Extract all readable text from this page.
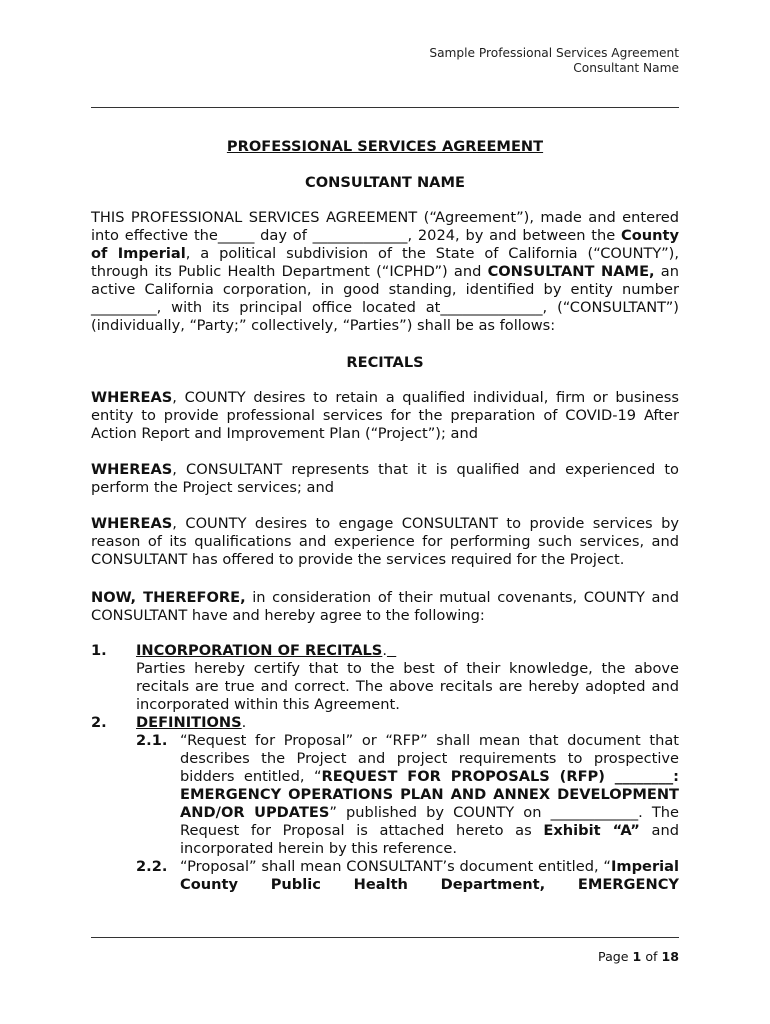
Sample Professional Services Agreement
Consultant Name
PROFESSIONAL SERVICES AGREEMENT
CONSULTANT NAME

THIS PROFESSIONAL SERVICES AGREEMENT (“Agreement”), made and entered into effective the_____ day of _____________, 2024, by and between the County of Imperial, a political subdivision of the State of California (“COUNTY”), through its Public Health Department (“ICPHD”) and CONSULTANT NAME, an active California corporation, in good standing, identified by entity number _________, with its principal office located at______________, (“CONSULTANT”) (individually, “Party;” collectively, “Parties”) shall be as follows:

RECITALS

WHEREAS, COUNTY desires to retain a qualified individual, firm or business entity to provide professional services for the preparation of COVID-19 After Action Report and Improvement Plan (“Project”); and

WHEREAS, CONSULTANT represents that it is qualified and experienced to perform the Project services; and

WHEREAS, COUNTY desires to engage CONSULTANT to provide services by reason of its qualifications and experience for performing such services, and CONSULTANT has offered to provide the services required for the Project.

NOW, THEREFORE, in consideration of their mutual covenants, COUNTY and CONSULTANT have and hereby agree to the following:

1. INCORPORATION OF RECITALS.
Parties hereby certify that to the best of their knowledge, the above recitals are true and correct. The above recitals are hereby adopted and incorporated within this Agreement.
2. DEFINITIONS.
2.1. “Request for Proposal” or “RFP” shall mean that document that describes the Project and project requirements to prospective bidders entitled, “REQUEST FOR PROPOSALS (RFP) ________: EMERGENCY OPERATIONS PLAN AND ANNEX DEVELOPMENT AND/OR UPDATES” published by COUNTY on ____________. The Request for Proposal is attached hereto as Exhibit “A” and incorporated herein by this reference.
2.2. “Proposal” shall mean CONSULTANT’s document entitled, “Imperial County Public Health Department, EMERGENCY
Page 1 of 18
